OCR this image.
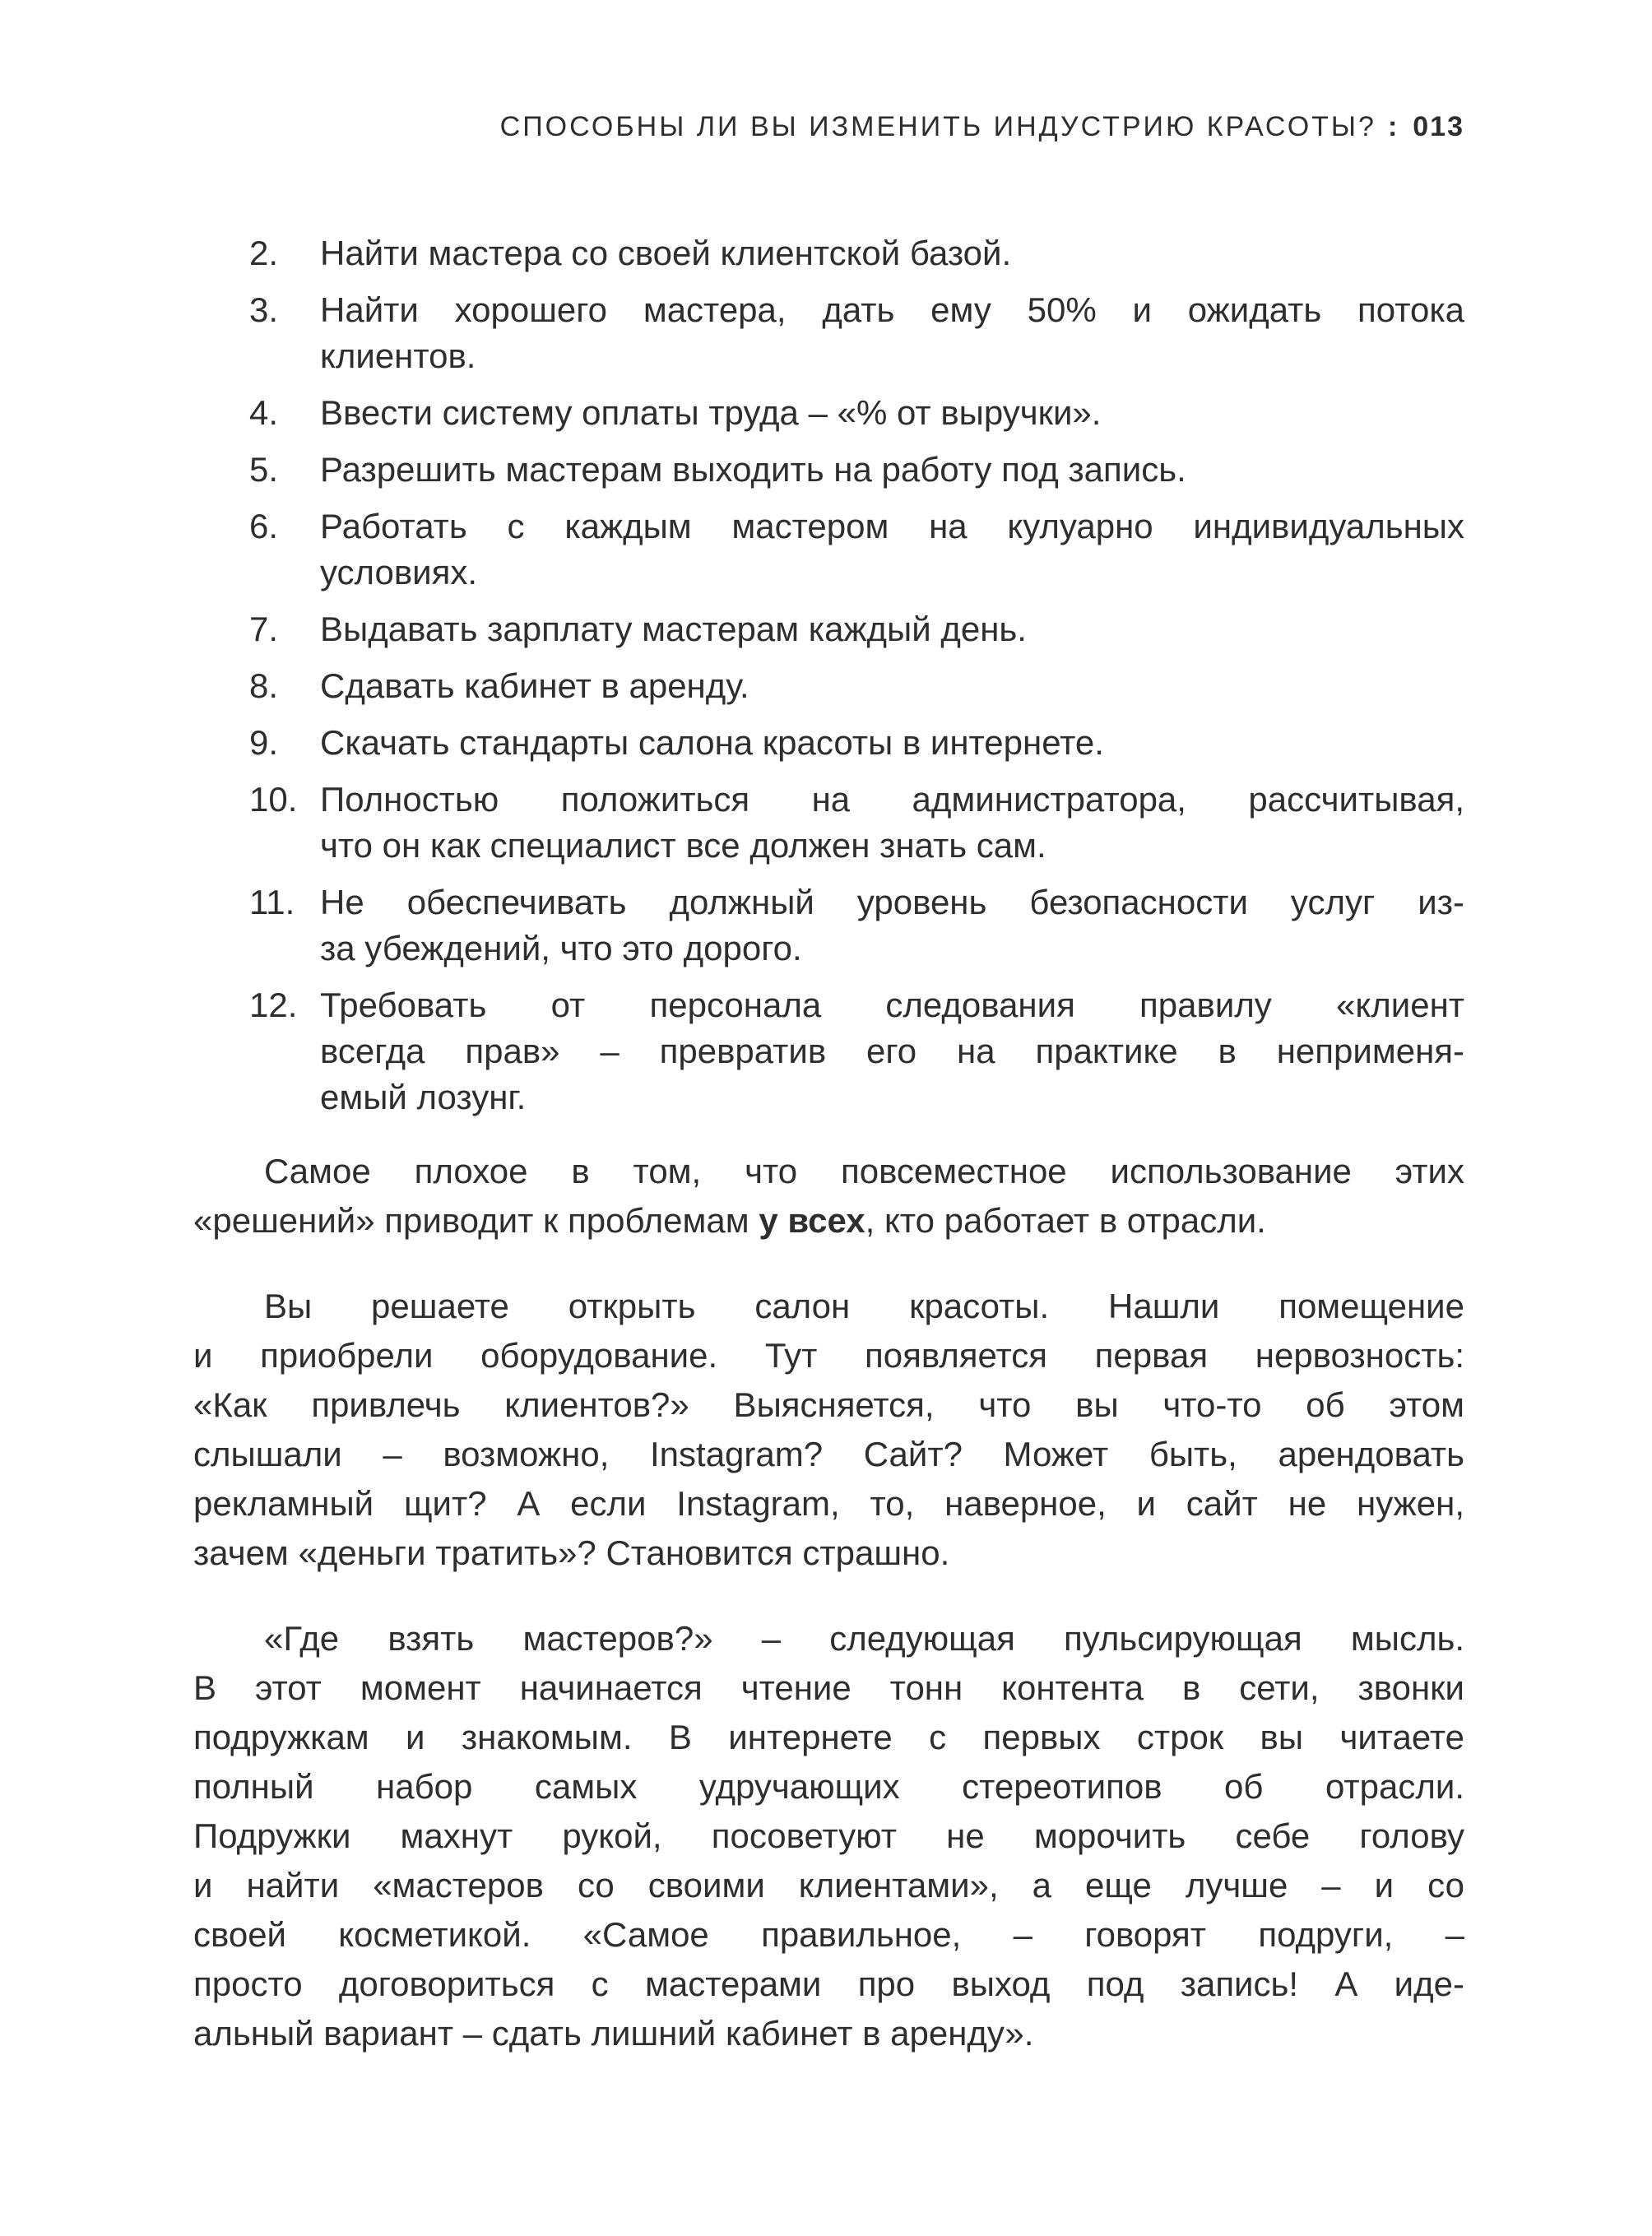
СПОСОБНЫ ЛИ ВЫ ИЗМЕНИТЬ ИНДУСТРИЮ КРАСОТЫ? : 013
2.	Найти мастера со своей клиентской базой.
3.	Найти хорошего мастера, дать ему 50% и ожидать потока
клиентов.
4.	Ввести систему оплаты труда – «% от выручки».
5.	Разрешить мастерам выходить на работу под запись.
6.	Работать с каждым мастером на кулуарно индивидуальных
условиях.
7.	Выдавать зарплату мастерам каждый день.
8.	Сдавать кабинет в аренду.
9.	Скачать стандарты салона красоты в интернете.
10. Полностью положиться на администратора, рассчитывая,
что он как специалист все должен знать сам.
11. Не обеспечивать должный уровень безопасности услуг из-
за убеждений, что это дорого.
12. Требовать от персонала следования правилу «клиент
всегда прав» – превратив его на практике в неприменя-
емый лозунг.
Самое плохое в том, что повсеместное использование этих
«решений» приводит к проблемам у всех, кто работает в отрасли.
Вы решаете открыть салон красоты. Нашли помещение
и приобрели оборудование. Тут появляется первая нервозность:
«Как привлечь клиентов?» Выясняется, что вы что-то об этом
слышали – возможно, Instagram? Сайт? Может быть, арендовать
рекламный щит? А если Instagram, то, наверное, и сайт не нужен,
зачем «деньги тратить»? Становится страшно.
«Где взять мастеров?» – следующая пульсирующая мысль.
В этот момент начинается чтение тонн контента в сети, звонки
подружкам и знакомым. В интернете с первых строк вы читаете
полный набор самых удручающих стереотипов об отрасли.
Подружки махнут рукой, посоветуют не морочить себе голову
и найти «мастеров со своими клиентами», а еще лучше – и со
своей косметикой. «Самое правильное, – говорят подруги, –
просто договориться с мастерами про выход под запись! А иде-
альный вариант – сдать лишний кабинет в аренду».
